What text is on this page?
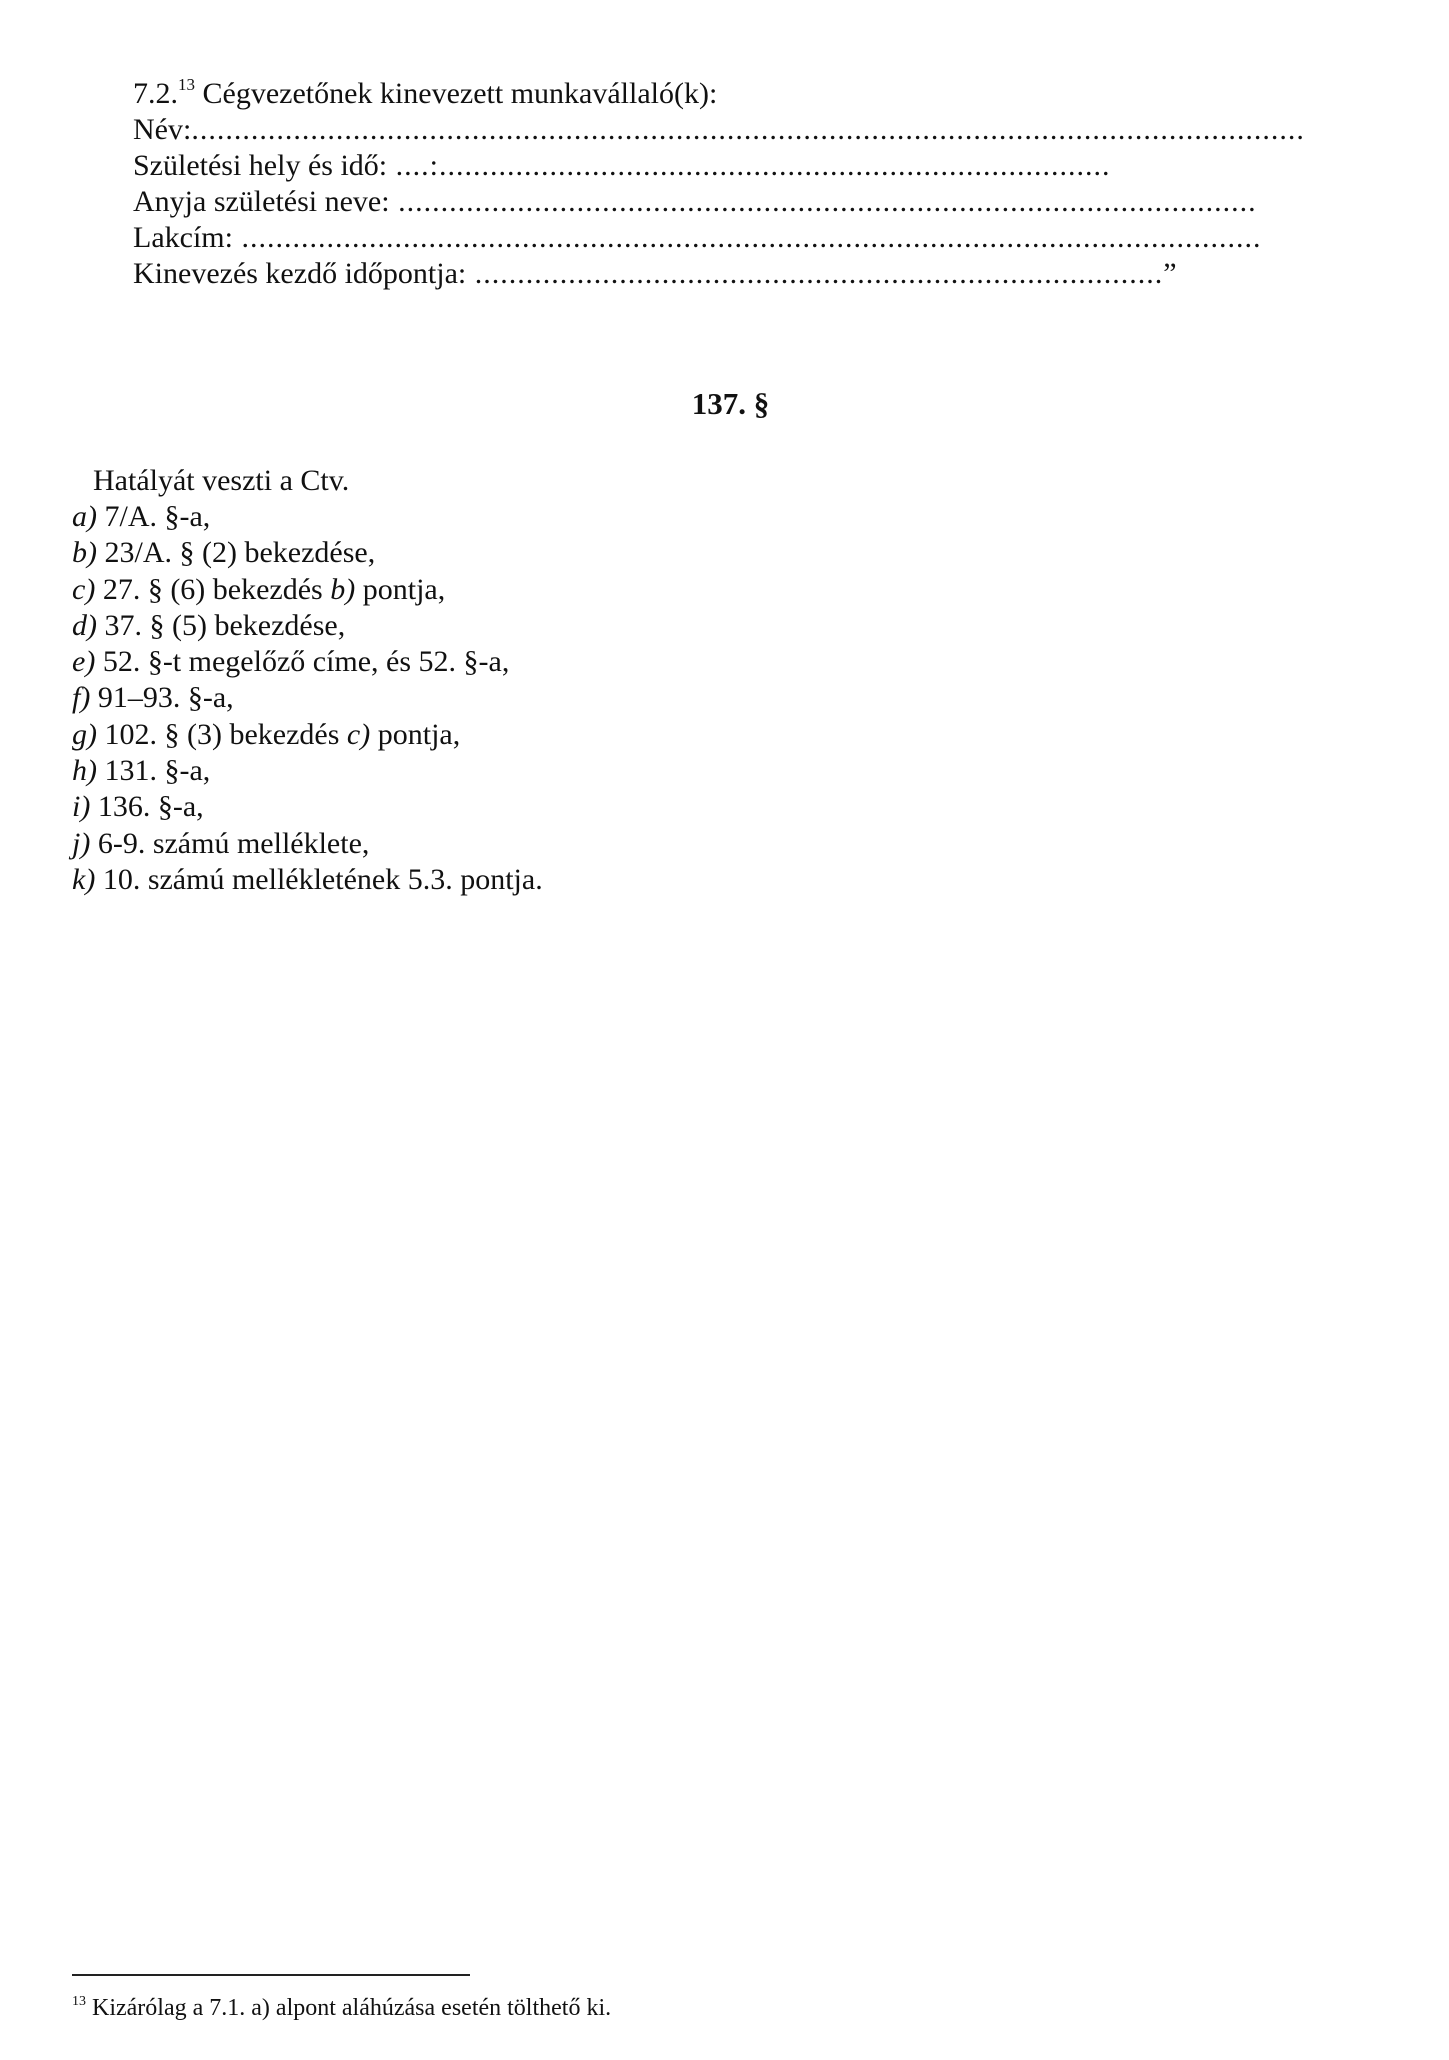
7.2.13 Cégvezetőnek kinevezett munkavállaló(k):
Név:...................................................................................................................................
Születési hely és idő: ....:...............................................................................
Anyja születési neve: .....................................................................................................
Lakcím: ........................................................................................................................
Kinevezés kezdő időpontja: .................................................................................”
137. §
Hatályát veszti a Ctv.
a) 7/A. §-a,
b) 23/A. § (2) bekezdése,
c) 27. § (6) bekezdés b) pontja,
d) 37. § (5) bekezdése,
e) 52. §-t megelőző címe, és 52. §-a,
f) 91–93. §-a,
g) 102. § (3) bekezdés c) pontja,
h) 131. §-a,
i) 136. §-a,
j) 6-9. számú melléklete,
k) 10. számú mellékletének 5.3. pontja.
$^{13}$ Kizárólag a 7.1. a) alpont aláhúzása esetén tölthető ki.
